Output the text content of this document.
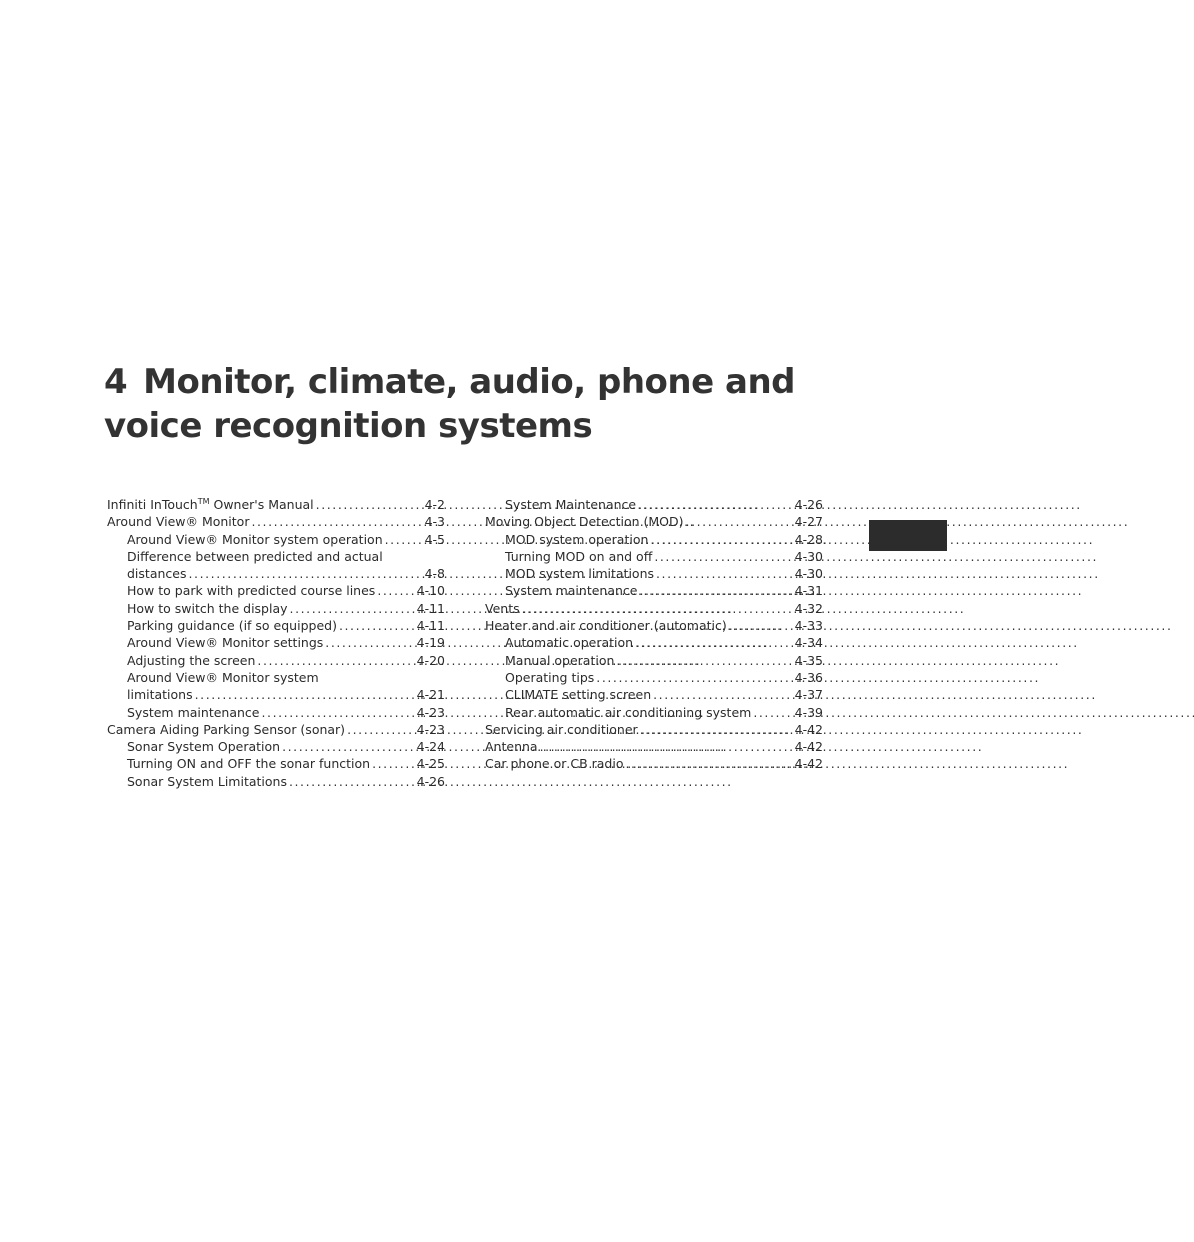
4 Monitor, climate, audio, phone and voice recognition systems
Infiniti InTouch™ Owner's Manual . . .	4-2
Around View® Monitor . . .	4-3
Around View® Monitor system operation . . .	4-5
Difference between predicted and actual
distances . . .	4-8
How to park with predicted course lines . . .	4-10
How to switch the display . . .	4-11
Parking guidance (if so equipped) . . .	4-11
Around View® Monitor settings . . .	4-19
Adjusting the screen . . .	4-20
Around View® Monitor system
limitations . . .	4-21
System maintenance . . .	4-23
Camera Aiding Parking Sensor (sonar) . . .	4-23
Sonar System Operation . . .	4-24
Turning ON and OFF the sonar function . . .	4-25
Sonar System Limitations . . .	4-26
System Maintenance . . .	4-26
Moving Object Detection (MOD) . . .	4-27
MOD system operation . . .	4-28
Turning MOD on and off . . .	4-30
MOD system limitations . . .	4-30
System maintenance . . .	4-31
Vents . . .	4-32
Heater and air conditioner (automatic) . . .	4-33
Automatic operation . . .	4-34
Manual operation . . .	4-35
Operating tips . . .	4-36
CLIMATE setting screen . . .	4-37
Rear automatic air conditioning system . . .	4-39
Servicing air conditioner . . .	4-42
Antenna . . .	4-42
Car phone or CB radio . . .	4-42
